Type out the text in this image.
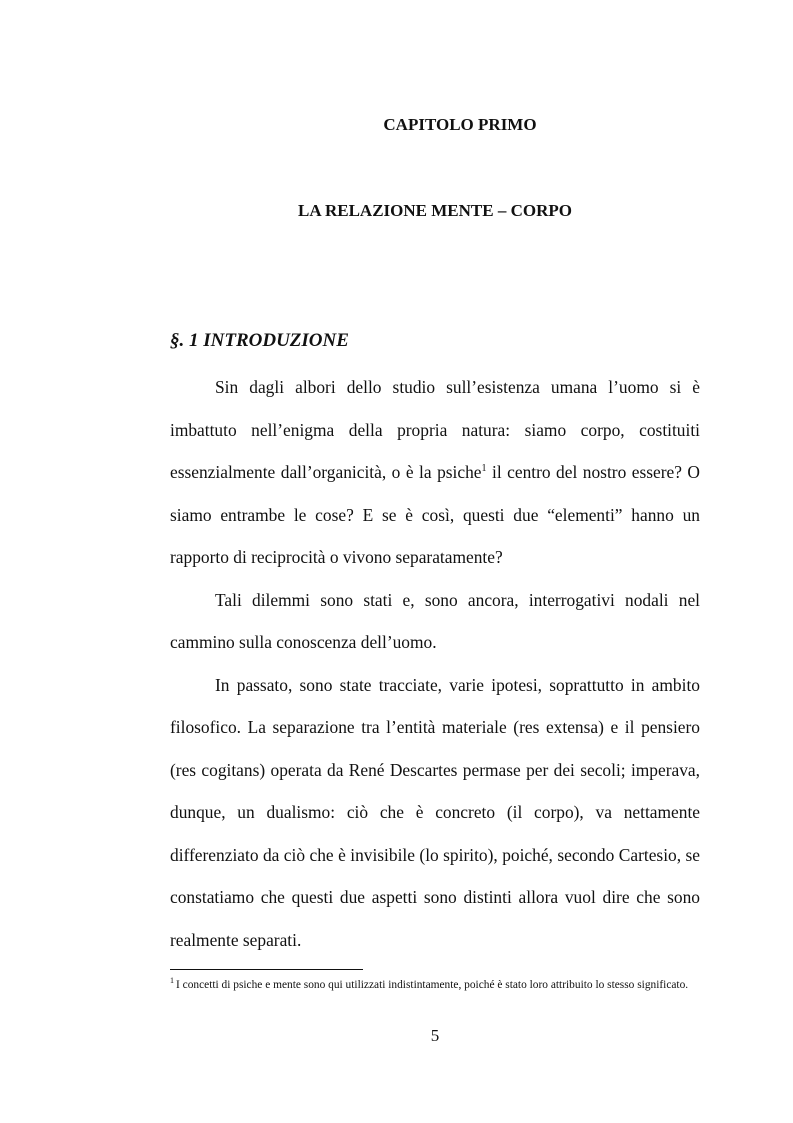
CAPITOLO PRIMO
LA RELAZIONE MENTE – CORPO
§. 1 INTRODUZIONE

Sin dagli albori dello studio sull’esistenza umana l’uomo si è imbattuto nell’enigma della propria natura: siamo corpo, costituiti essenzialmente dall’organicità, o è la psiche$^1$ il centro del nostro essere? O siamo entrambe le cose? E se è così, questi due “elementi” hanno un rapporto di reciprocità o vivono separatamente?

Tali dilemmi sono stati e, sono ancora, interrogativi nodali nel cammino sulla conoscenza dell’uomo.

In passato, sono state tracciate, varie ipotesi, soprattutto in ambito filosofico. La separazione tra l’entità materiale (res extensa) e il pensiero (res cogitans) operata da René Descartes permase per dei secoli; imperava, dunque, un dualismo: ciò che è concreto (il corpo), va nettamente differenziato da ciò che è invisibile (lo spirito), poiché, secondo Cartesio, se constatiamo che questi due aspetti sono distinti allora vuol dire che sono realmente separati.

$^1$ I concetti di psiche e mente sono qui utilizzati indistintamente, poiché è stato loro attribuito lo stesso significato.
5
